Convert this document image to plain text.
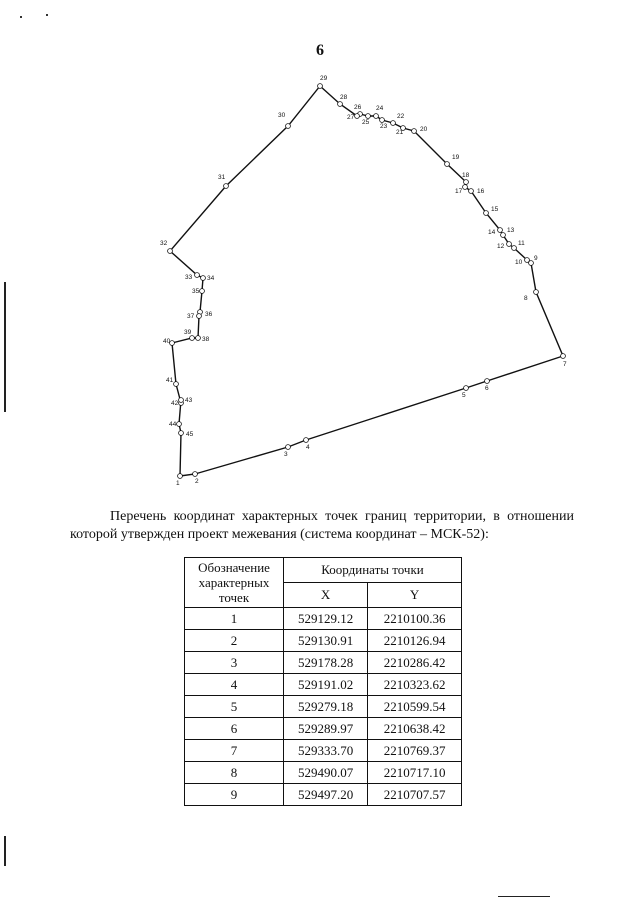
6
1 2
3
4
5
6
7
8
9
10
11
12
13
14
15
16
17
18
19
20
21
22
23
24
25
26
27
28
29
30
31
32
33 34
35
36
37
38
39
40
41
42 43
44
45
Перечень координат характерных точек границ территории, в отношении которой утвержден проект межевания (система координат – МСК-52):
Обозначение характерных точек	Координаты точки	
	X	Y
1	529129.12	2210100.36
2	529130.91	2210126.94
3	529178.28	2210286.42
4	529191.02	2210323.62
5	529279.18	2210599.54
6	529289.97	2210638.42
7	529333.70	2210769.37
8	529490.07	2210717.10
9	529497.20	2210707.57
